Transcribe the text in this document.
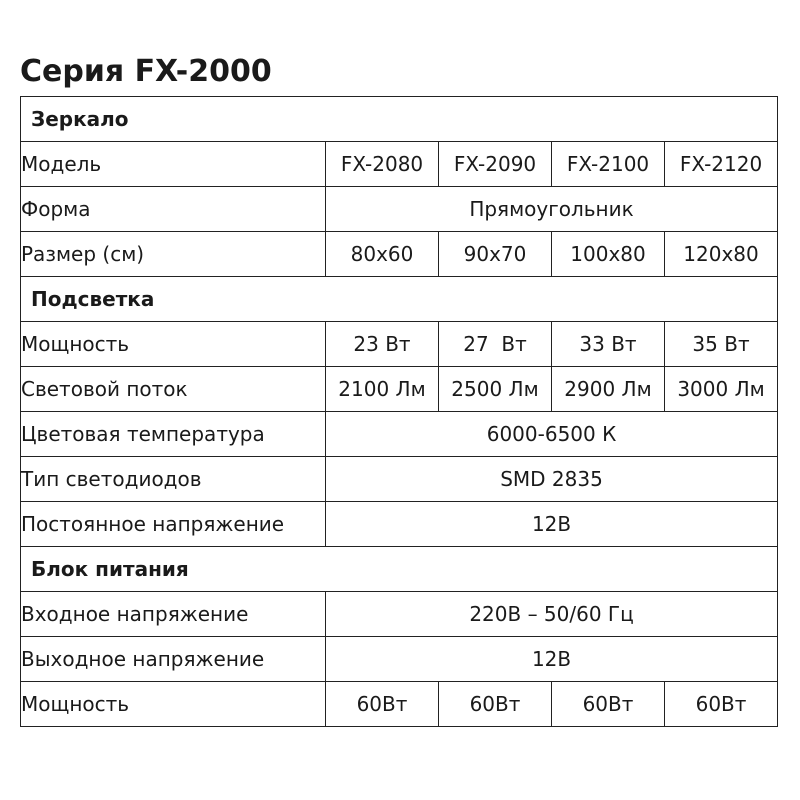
Серия FX-2000
Зеркало				
Модель	FX-2080	FX-2090	FX-2100	FX-2120
Форма	Прямоугольник			
Размер (см)	80x60	90x70	100x80	120x80
Подсветка				
Мощность	23 Вт	27  Вт	33 Вт	35 Вт
Световой поток	2100 Лм	2500 Лм	2900 Лм	3000 Лм
Цветовая температура	6000-6500 К			
Тип светодиодов	SMD 2835			
Постоянное напряжение	12В			
Блок питания				
Входное напряжение	220В – 50/60 Гц			
Выходное напряжение	12В			
Мощность	60Вт	60Вт	60Вт	60Вт
